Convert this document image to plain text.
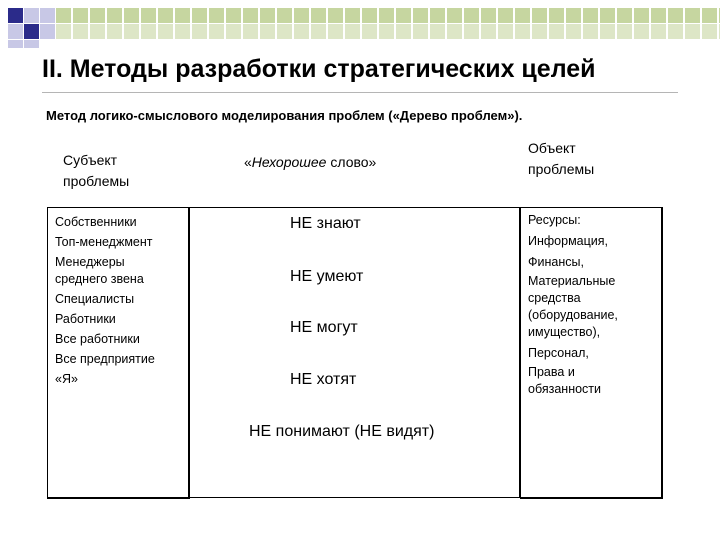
II. Методы разработки стратегических целей
Метод логико-смыслового моделирования проблем («Дерево проблем»).
Субъект проблемы
«Нехорошее слово»
Объект проблемы
Собственники
Топ-менеджмент
Менеджеры среднего звена
Специалисты
Работники
Все работники
Все предприятие
«Я»
НЕ знают
НЕ умеют
НЕ могут
НЕ хотят
НЕ понимают (НЕ видят)
Ресурсы:
Информация,
Финансы,
Материальные средства (оборудование, имущество),
Персонал,
Права и обязанности
